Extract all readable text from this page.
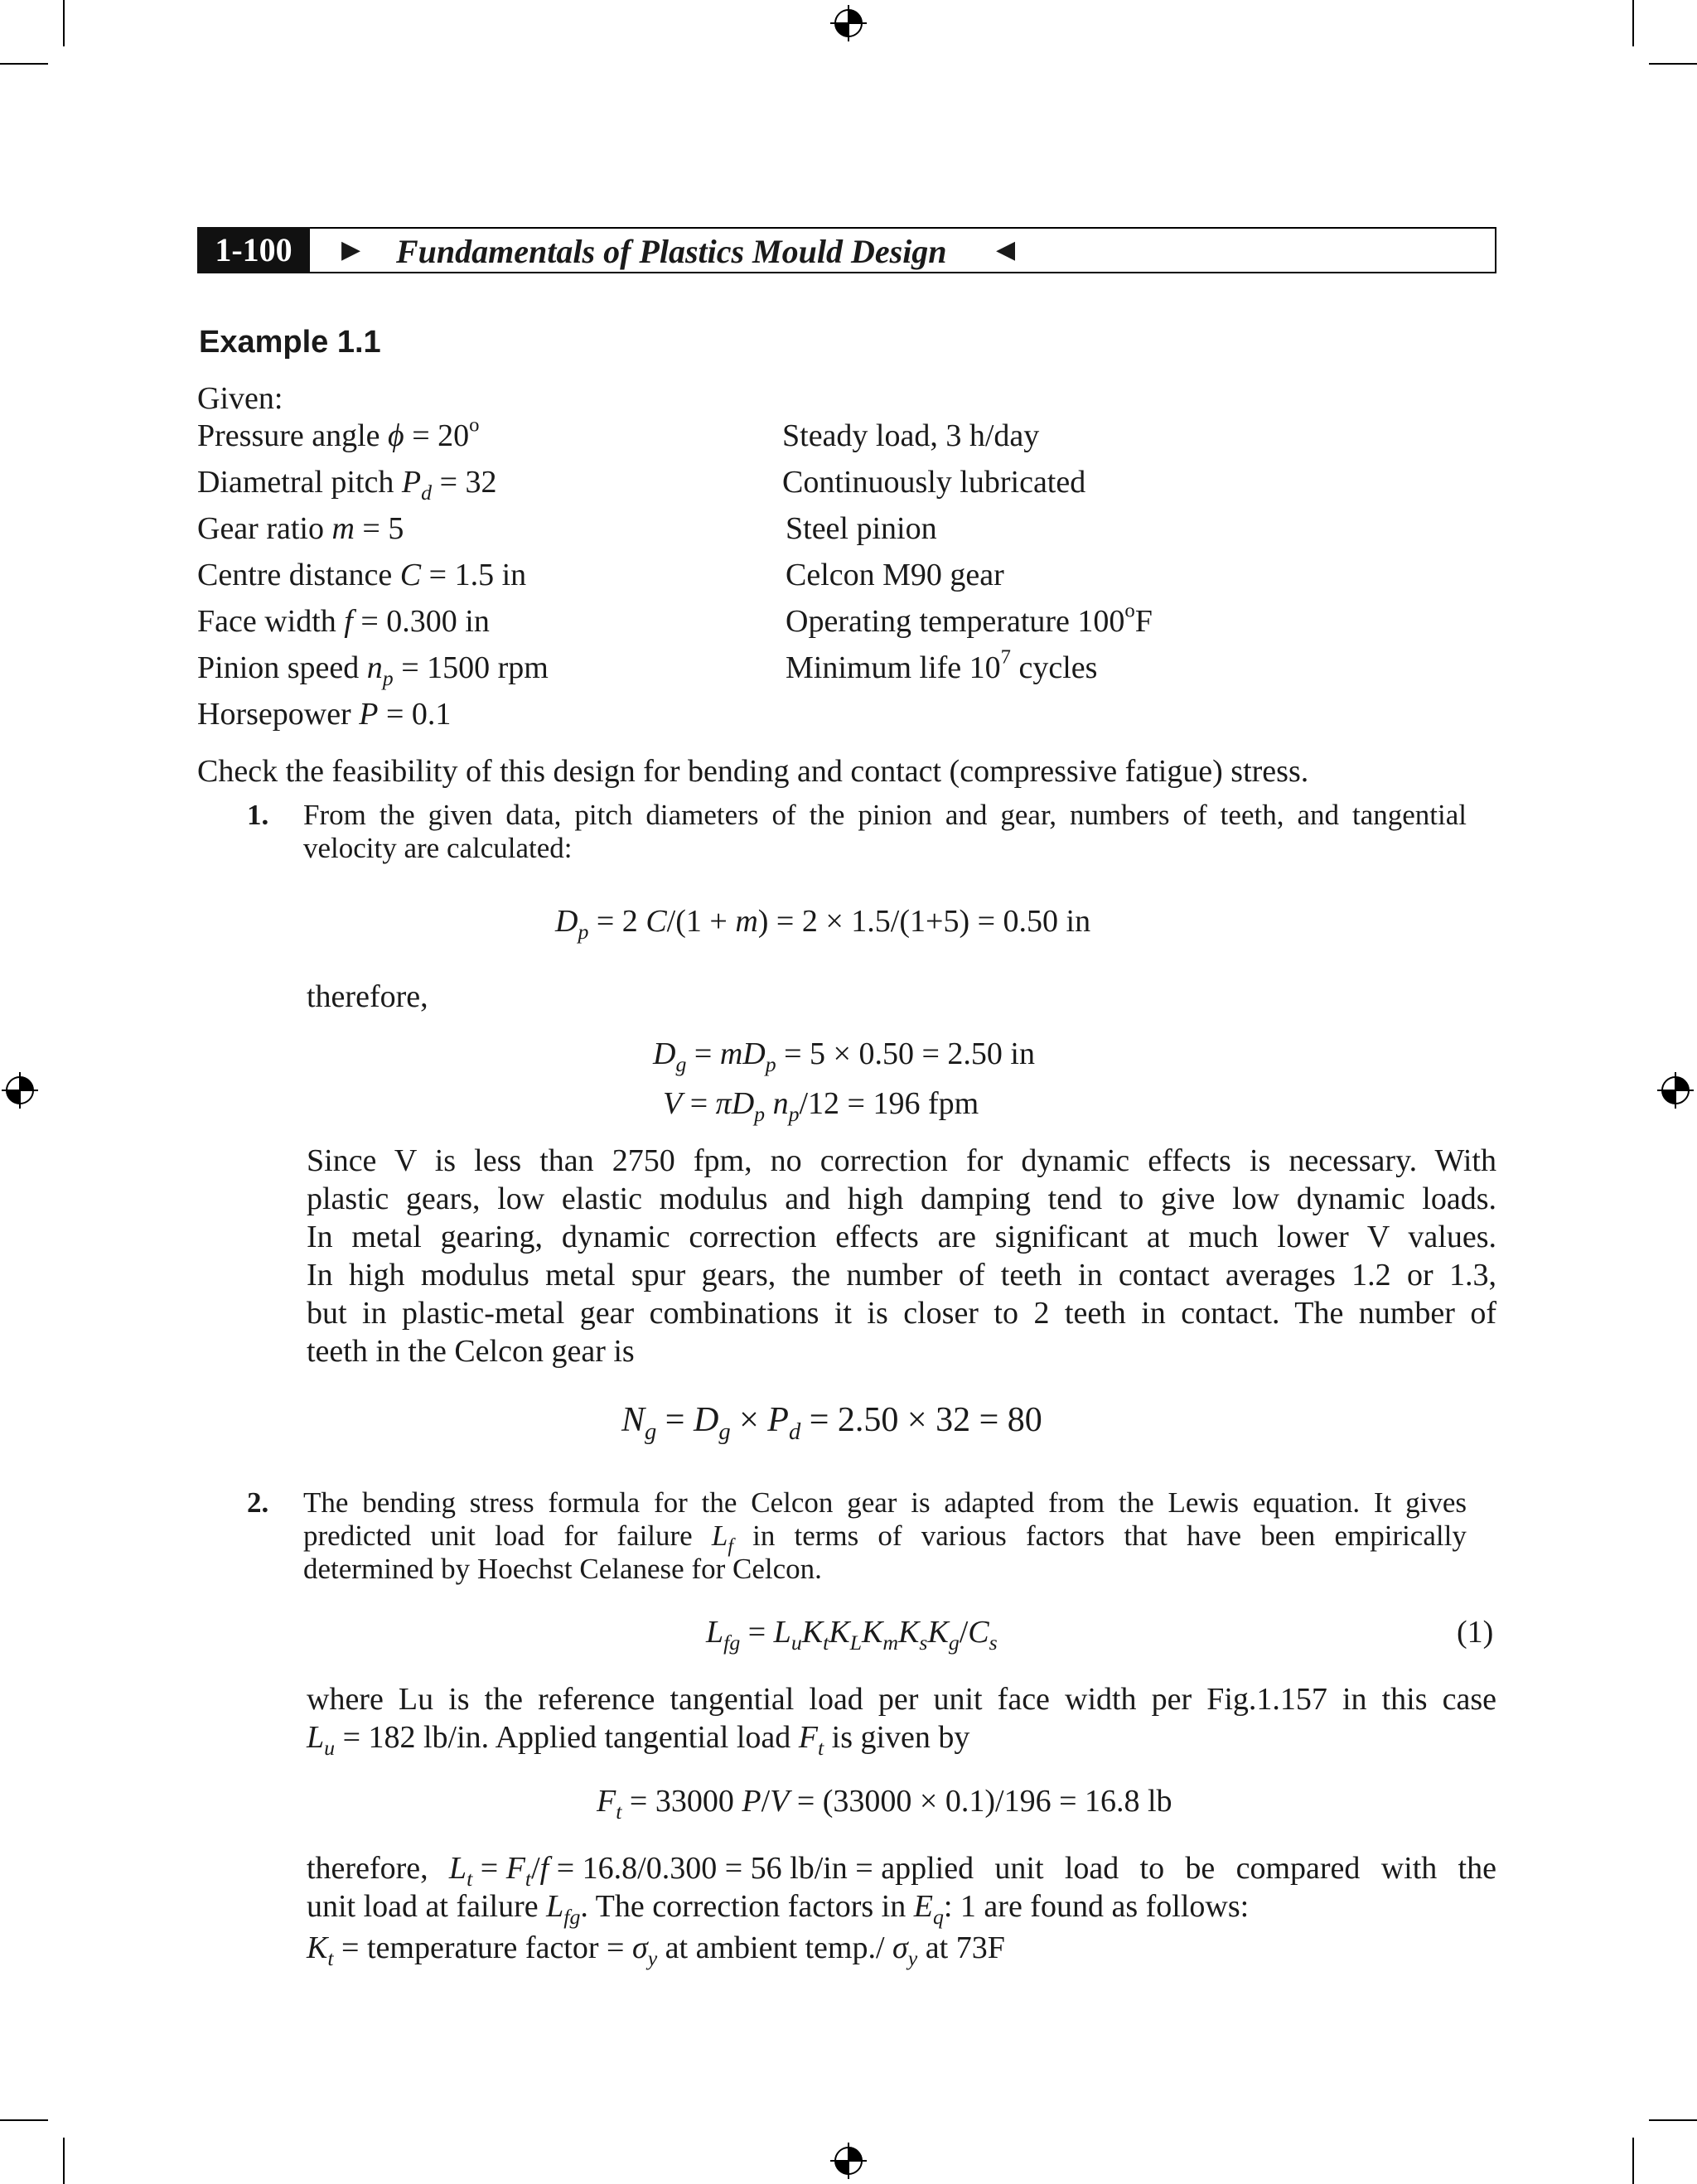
1-100	▶ Fundamentals of Plastics Mould Design ◀
Example 1.1
Given:
Pressure angle $\phi = 20^o$
Diametral pitch $P_d = 32$
Gear ratio m = 5
Centre distance C = 1.5 in
Face width f = 0.300 in
Pinion speed $n_p = 1500$ rpm
Horsepower P = 0.1
Steady load, 3 h/day
Continuously lubricated
Steel pinion
Celcon M90 gear
Operating temperature 100$^o$F
Minimum life $10^7$ cycles
Check the feasibility of this design for bending and contact (compressive fatigue) stress.
1. From the given data, pitch diameters of the pinion and gear, numbers of teeth, and tangential
velocity are calculated:
$D_p = 2$ C/(1 + m) = 2 × 1.5/(1+5) = 0.50 in
therefore,
$D_g = mD_p = 5 \times 0.50 = 2.50$ in
$V = \pi D_p$ $n_p/12 = 196$ fpm
Since V is less than 2750 fpm, no correction for dynamic effects is necessary. With
plastic gears, low elastic modulus and high damping tend to give low dynamic loads.
In metal gearing, dynamic correction effects are significant at much lower V values.
In high modulus metal spur gears, the number of teeth in contact averages 1.2 or 1.3,
but in plastic-metal gear combinations it is closer to 2 teeth in contact. The number of
teeth in the Celcon gear is
$N_g = D_g \times P_d = 2.50 \times 32 = 80$
2. The bending stress formula for the Celcon gear is adapted from the Lewis equation. It gives
predicted unit load for failure $L_f$ in terms of various factors that have been empirically
determined by Hoechst Celanese for Celcon.
$L_{fg} = L_uK_tK_LK_mK_sK_g/C_s$	(1)
where Lu is the reference tangential load per unit face width per Fig.1.157 in this case
$L_u = 182$ lb/in. Applied tangential load $F_t$ is given by
$F_t = 33000$ P/V = (33000 × 0.1)/196 = 16.8 lb
therefore, $L_t = F_t/f = 16.8/0.300 = 56$ lb/in = applied unit load to be compared with the
unit load at failure $L_{fg}$. The correction factors in $E_q$: 1 are found as follows:
$K_t$ = temperature factor = $\sigma_y$ at ambient temp./ $\sigma_y$ at 73F
